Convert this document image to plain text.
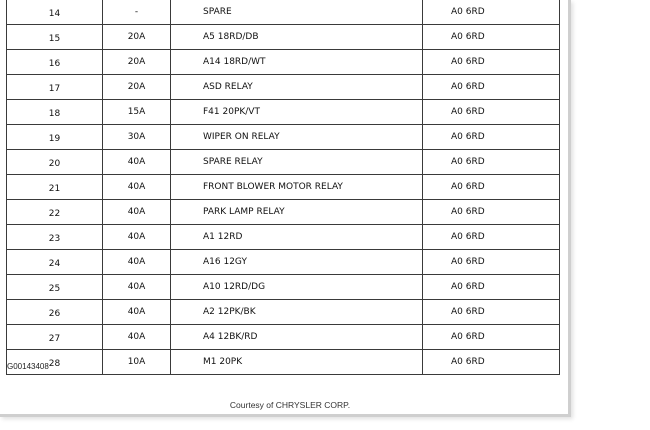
14	-	SPARE	A0 6RD
15	20A	A5 18RD/DB	A0 6RD
16	20A	A14 18RD/WT	A0 6RD
17	20A	ASD RELAY	A0 6RD
18	15A	F41 20PK/VT	A0 6RD
19	30A	WIPER ON RELAY	A0 6RD
20	40A	SPARE RELAY	A0 6RD
21	40A	FRONT BLOWER MOTOR RELAY	A0 6RD
22	40A	PARK LAMP RELAY	A0 6RD
23	40A	A1 12RD	A0 6RD
24	40A	A16 12GY	A0 6RD
25	40A	A10 12RD/DG	A0 6RD
26	40A	A2 12PK/BK	A0 6RD
27	40A	A4 12BK/RD	A0 6RD
28	10A	M1 20PK	A0 6RD
G00143408
Courtesy of CHRYSLER CORP.
